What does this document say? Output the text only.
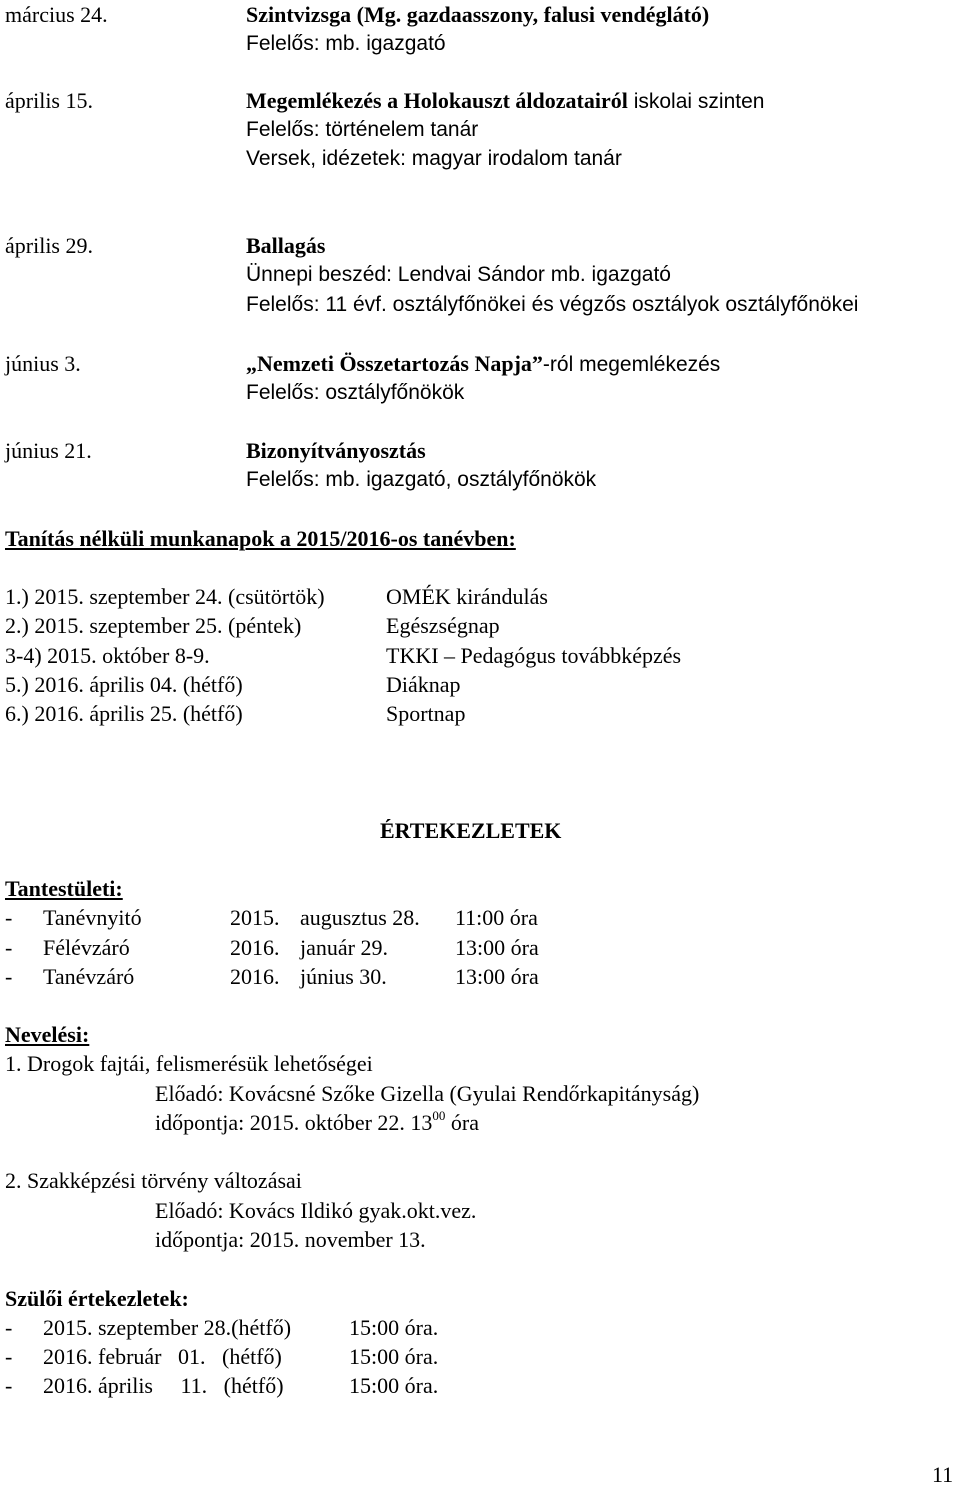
március 24.	Szintvizsga (Mg. gazdaasszony, falusi vendéglátó)
Felelős: mb. igazgató
április 15.	Megemlékezés a Holokauszt áldozatairól iskolai szinten
Felelős: történelem tanár
Versek, idézetek: magyar irodalom tanár
április 29.	Ballagás
Ünnepi beszéd: Lendvai Sándor mb. igazgató
Felelős: 11 évf. osztályfőnökei és végzős osztályok osztályfőnökei
június 3.	„Nemzeti Összetartozás Napja”-ról megemlékezés
Felelős: osztályfőnökök
június 21.	Bizonyítványosztás
Felelős: mb. igazgató, osztályfőnökök
Tanítás nélküli munkanapok a 2015/2016-os tanévben:
1.) 2015. szeptember 24. (csütörtök)	OMÉK kirándulás
2.) 2015. szeptember 25. (péntek)	Egészségnap
3-4) 2015. október 8-9.	TKKI – Pedagógus továbbképzés
5.) 2016. április 04. (hétfő)	Diáknap
6.) 2016. április 25. (hétfő)	Sportnap
ÉRTEKEZLETEK
Tantestületi:
- Tanévnyitó	2015. augusztus 28. 11:00 óra
- Félévzáró	2016. január 29.	13:00 óra
- Tanévzáró	2016. június 30.	13:00 óra
Nevelési:
1. Drogok fajtái, felismerésük lehetőségei
Előadó: Kovácsné Szőke Gizella (Gyulai Rendőrkapitányság)
időpontja: 2015. október 22. $13^{00}$ óra
2. Szakképzési törvény változásai
Előadó: Kovács Ildikó gyak.okt.vez.
időpontja: 2015. november 13.
Szülői értekezletek:
- 2015. szeptember 28.(hétfő)	15:00 óra.
- 2016. február   01.   (hétfő)	15:00 óra.
- 2016. április     11.   (hétfő)	15:00 óra.
11
